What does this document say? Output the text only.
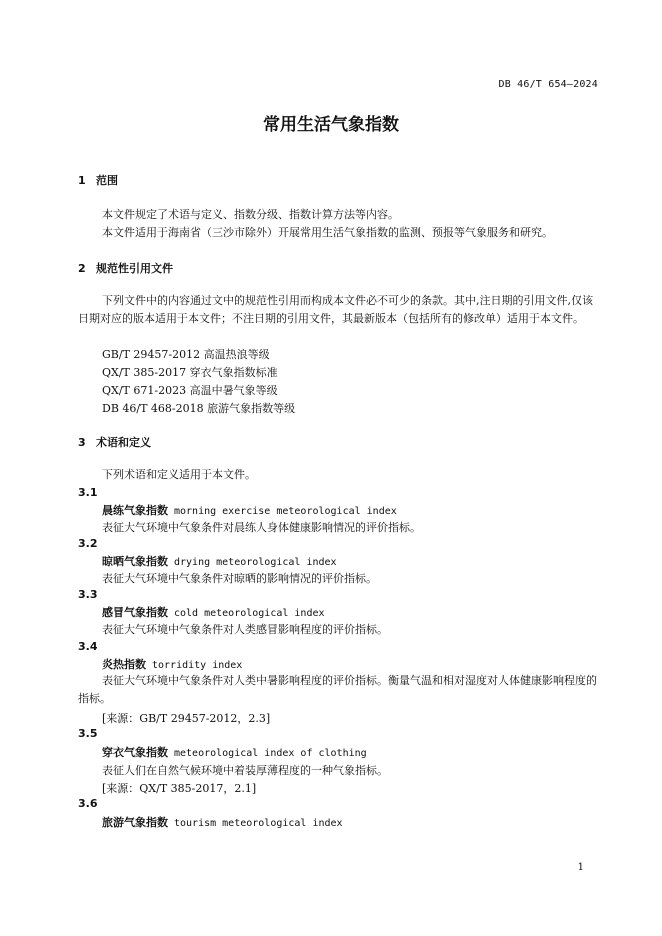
DB 46/T 654—2024
常用生活气象指数
1 范围
本文件规定了术语与定义、指数分级、指数计算方法等内容。
本文件适用于海南省（三沙市除外）开展常用生活气象指数的监测、预报等气象服务和研究。
2 规范性引用文件
下列文件中的内容通过文中的规范性引用而构成本文件必不可少的条款。其中,注日期的引用文件,仅该日期对应的版本适用于本文件；不注日期的引用文件，其最新版本（包括所有的修改单）适用于本文件。
GB/T 29457-2012 高温热浪等级
QX/T 385-2017 穿衣气象指数标准
QX/T 671-2023 高温中暑气象等级
DB 46/T 468-2018 旅游气象指数等级
3 术语和定义
下列术语和定义适用于本文件。
3.1
晨练气象指数 morning exercise meteorological index
表征大气环境中气象条件对晨练人身体健康影响情况的评价指标。
3.2
晾晒气象指数 drying meteorological index
表征大气环境中气象条件对晾晒的影响情况的评价指标。
3.3
感冒气象指数 cold meteorological index
表征大气环境中气象条件对人类感冒影响程度的评价指标。
3.4
炎热指数 torridity index
表征大气环境中气象条件对人类中暑影响程度的评价指标。衡量气温和相对湿度对人体健康影响程度的指标。
[来源：GB/T 29457-2012，2.3]
3.5
穿衣气象指数 meteorological index of clothing
表征人们在自然气候环境中着装厚薄程度的一种气象指标。
[来源：QX/T 385-2017，2.1]
3.6
旅游气象指数 tourism meteorological index
1
